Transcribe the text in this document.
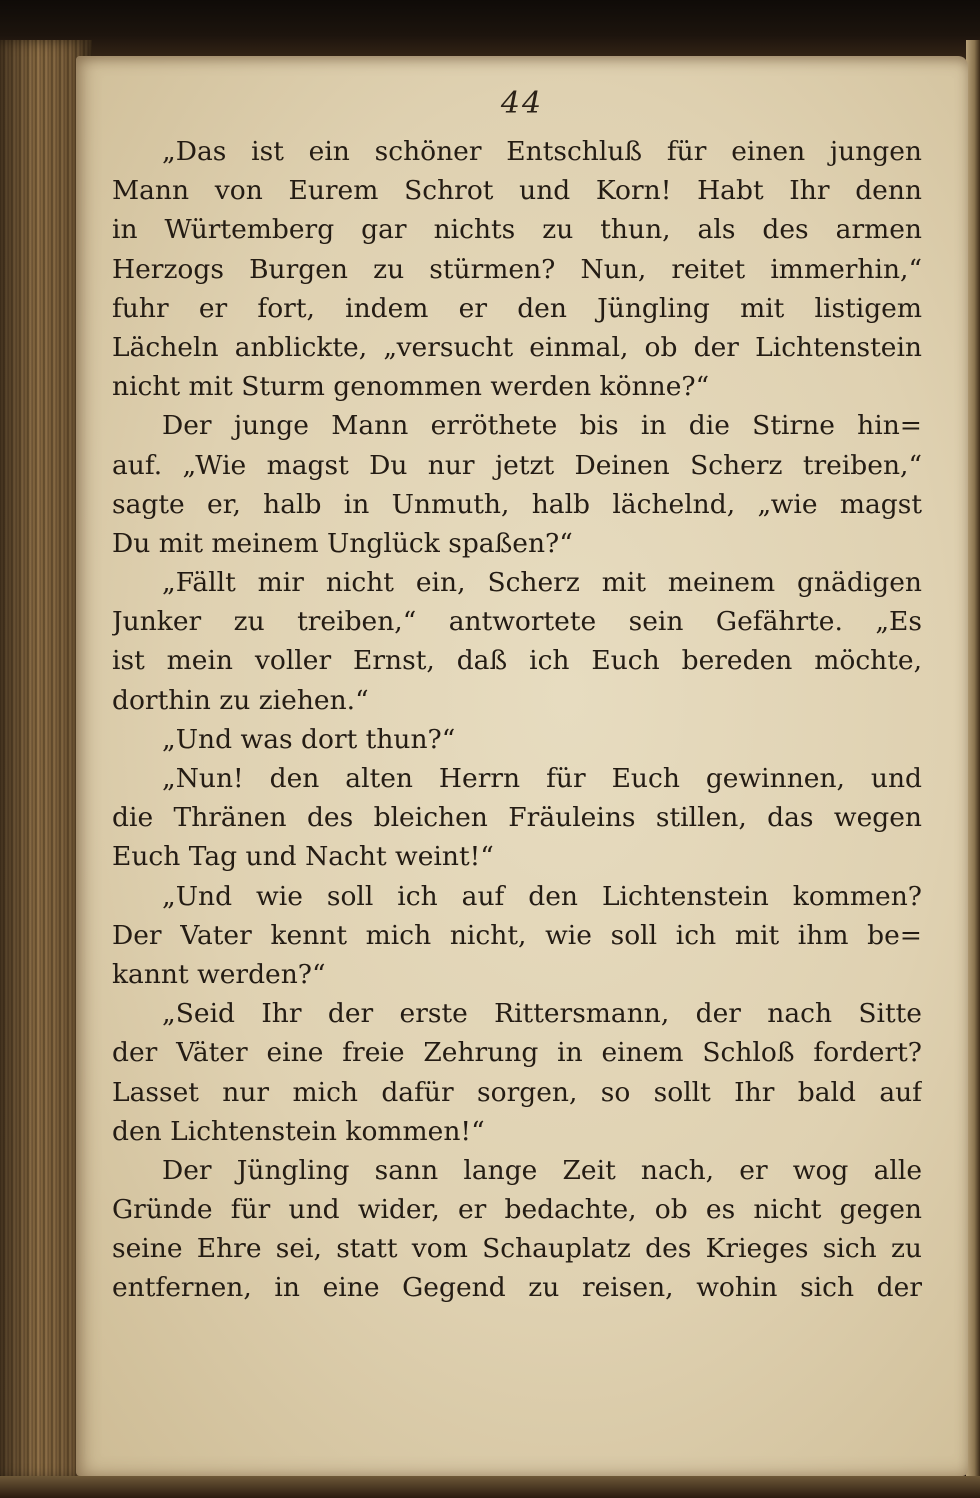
44
„Das ist ein schöner Entschluß für einen jungen
Mann von Eurem Schrot und Korn! Habt Ihr denn
in Würtemberg gar nichts zu thun, als des armen
Herzogs Burgen zu stürmen? Nun, reitet immerhin,“
fuhr er fort, indem er den Jüngling mit listigem
Lächeln anblickte, „versucht einmal, ob der Lichtenstein
nicht mit Sturm genommen werden könne?“
Der junge Mann erröthete bis in die Stirne hin=
auf. „Wie magst Du nur jetzt Deinen Scherz treiben,“
sagte er, halb in Unmuth, halb lächelnd, „wie magst
Du mit meinem Unglück spaßen?“
„Fällt mir nicht ein, Scherz mit meinem gnädigen
Junker zu treiben,“ antwortete sein Gefährte. „Es
ist mein voller Ernst, daß ich Euch bereden möchte,
dorthin zu ziehen.“
„Und was dort thun?“
„Nun! den alten Herrn für Euch gewinnen, und
die Thränen des bleichen Fräuleins stillen, das wegen
Euch Tag und Nacht weint!“
„Und wie soll ich auf den Lichtenstein kommen?
Der Vater kennt mich nicht, wie soll ich mit ihm be=
kannt werden?“
„Seid Ihr der erste Rittersmann, der nach Sitte
der Väter eine freie Zehrung in einem Schloß fordert?
Lasset nur mich dafür sorgen, so sollt Ihr bald auf
den Lichtenstein kommen!“
Der Jüngling sann lange Zeit nach, er wog alle
Gründe für und wider, er bedachte, ob es nicht gegen
seine Ehre sei, statt vom Schauplatz des Krieges sich zu
entfernen, in eine Gegend zu reisen, wohin sich der
